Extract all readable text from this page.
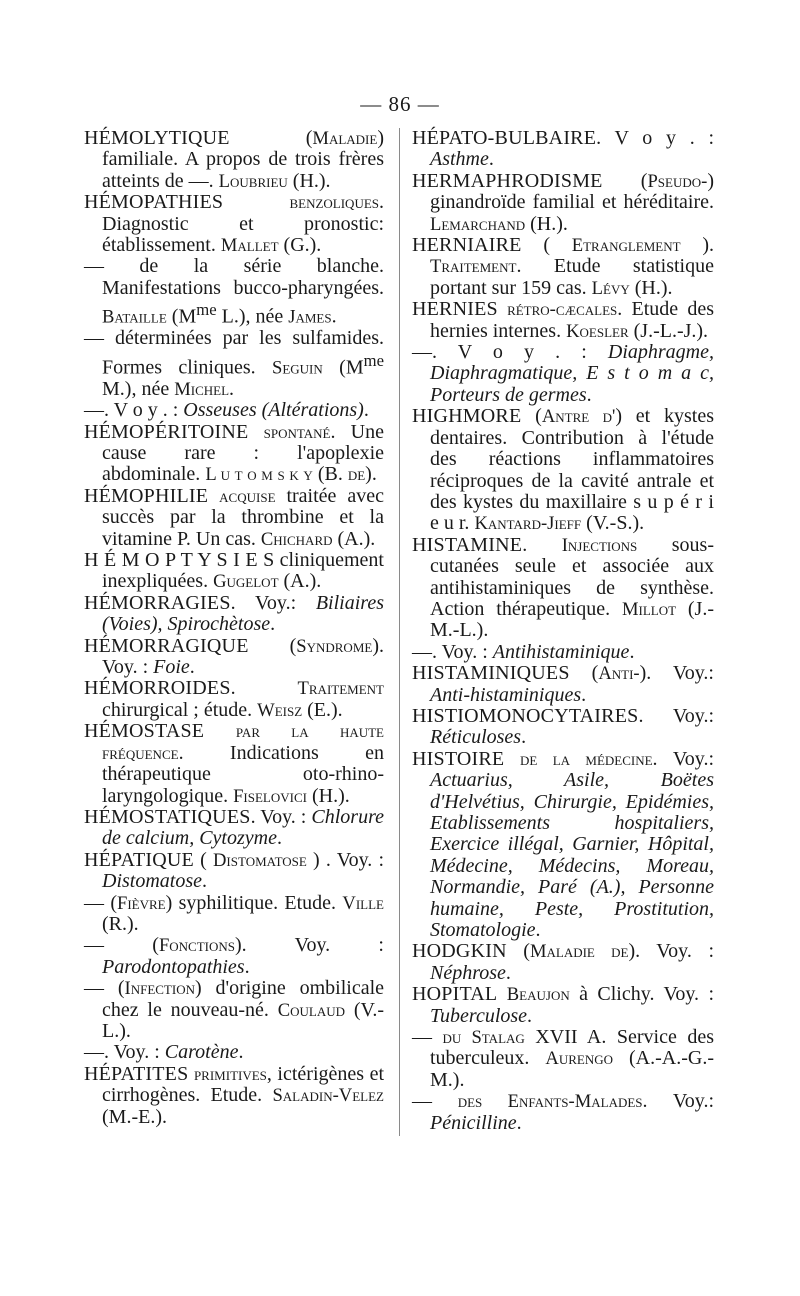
— 86 —

HÉMOLYTIQUE (Maladie) familiale. A propos de trois frères atteints de —. Loubrieu (H.).

HÉMOPATHIES	benzoliques. Diagnostic et pronostic: établissement. Mallet (G.).

— de la série blanche. Manifestations bucco-pharyngées. Bataille ($M^{me}$ L.), née James.

— déterminées par les sulfamides. Formes cliniques. Seguin ($M^{me}$ M.), née Michel.

—. V o y . : Osseuses (Altérations).

HÉMOPÉRITOINE spontané. Une cause rare : l'apoplexie abdominale. L u t o m s k y (B. de).

HÉMOPHILIE acquise traitée avec succès par la thrombine et la vitamine P. Un cas. Chichard (A.).

H É M O P T Y S I E S cliniquement inexpliquées. Gugelot (A.).

HÉMORRAGIES. Voy.: Biliaires (Voies), Spirochètose.

HÉMORRAGIQUE (Syndrome). Voy. : Foie.

HÉMORROIDES. Traitement chirurgical ; étude. Weisz (E.).

HÉMOSTASE par la haute fréquence. Indications en thérapeutique oto-rhino-laryngologique. Fiselovici (H.).

HÉMOSTATIQUES. Voy. : Chlorure de calcium, Cytozyme.

HÉPATIQUE ( Distomatose ) . Voy. : Distomatose.

— (Fièvre) syphilitique. Etude. Ville (R.).

— (Fonctions). Voy. : Parodontopathies.

— (Infection) d'origine ombilicale chez le nouveau-né. Coulaud (V.-L.).

—. Voy. : Carotène.

HÉPATITES primitives, ictérigènes et cirrhogènes. Etude. Saladin-Velez (M.-E.).

HÉPATO-BULBAIRE. V o y . : Asthme.

HERMAPHRODISME (Pseudo-) ginandroïde familial et héréditaire. Lemarchand (H.).

HERNIAIRE ( Etranglement ). Traitement. Etude statistique portant sur 159 cas. Lévy (H.).

HERNIES rétro-cæcales. Etude des hernies internes. Koesler (J.-L.-J.).

—. V o y . : Diaphragme, Diaphragmatique, E s t o m a c, Porteurs de germes.

HIGHMORE (Antre d') et kystes dentaires. Contribution à l'étude des réactions inflammatoires réciproques de la cavité antrale et des kystes du maxillaire s u p é r i e u r. Kantard-Jieff (V.-S.).

HISTAMINE. Injections sous-cutanées seule et associée aux antihistaminiques de synthèse. Action thérapeutique. Millot (J.-M.-L.).

—. Voy. : Antihistaminique.

HISTAMINIQUES (Anti-). Voy.: Anti-histaminiques.

HISTIOMONOCYTAIRES. Voy.: Réticuloses.

HISTOIRE de la médecine. Voy.: Actuarius, Asile, Boëtes d'Helvétius, Chirurgie, Epidémies, Etablissements hospitaliers, Exercice illégal, Garnier, Hôpital, Médecine, Médecins, Moreau, Normandie, Paré (A.), Personne humaine, Peste, Prostitution, Stomatologie.

HODGKIN (Maladie de). Voy. : Néphrose.

HOPITAL Beaujon à Clichy. Voy. : Tuberculose.

— du Stalag XVII A. Service des tuberculeux. Aurengo (A.-A.-G.-M.).

— des Enfants-Malades. Voy.: Pénicilline.
